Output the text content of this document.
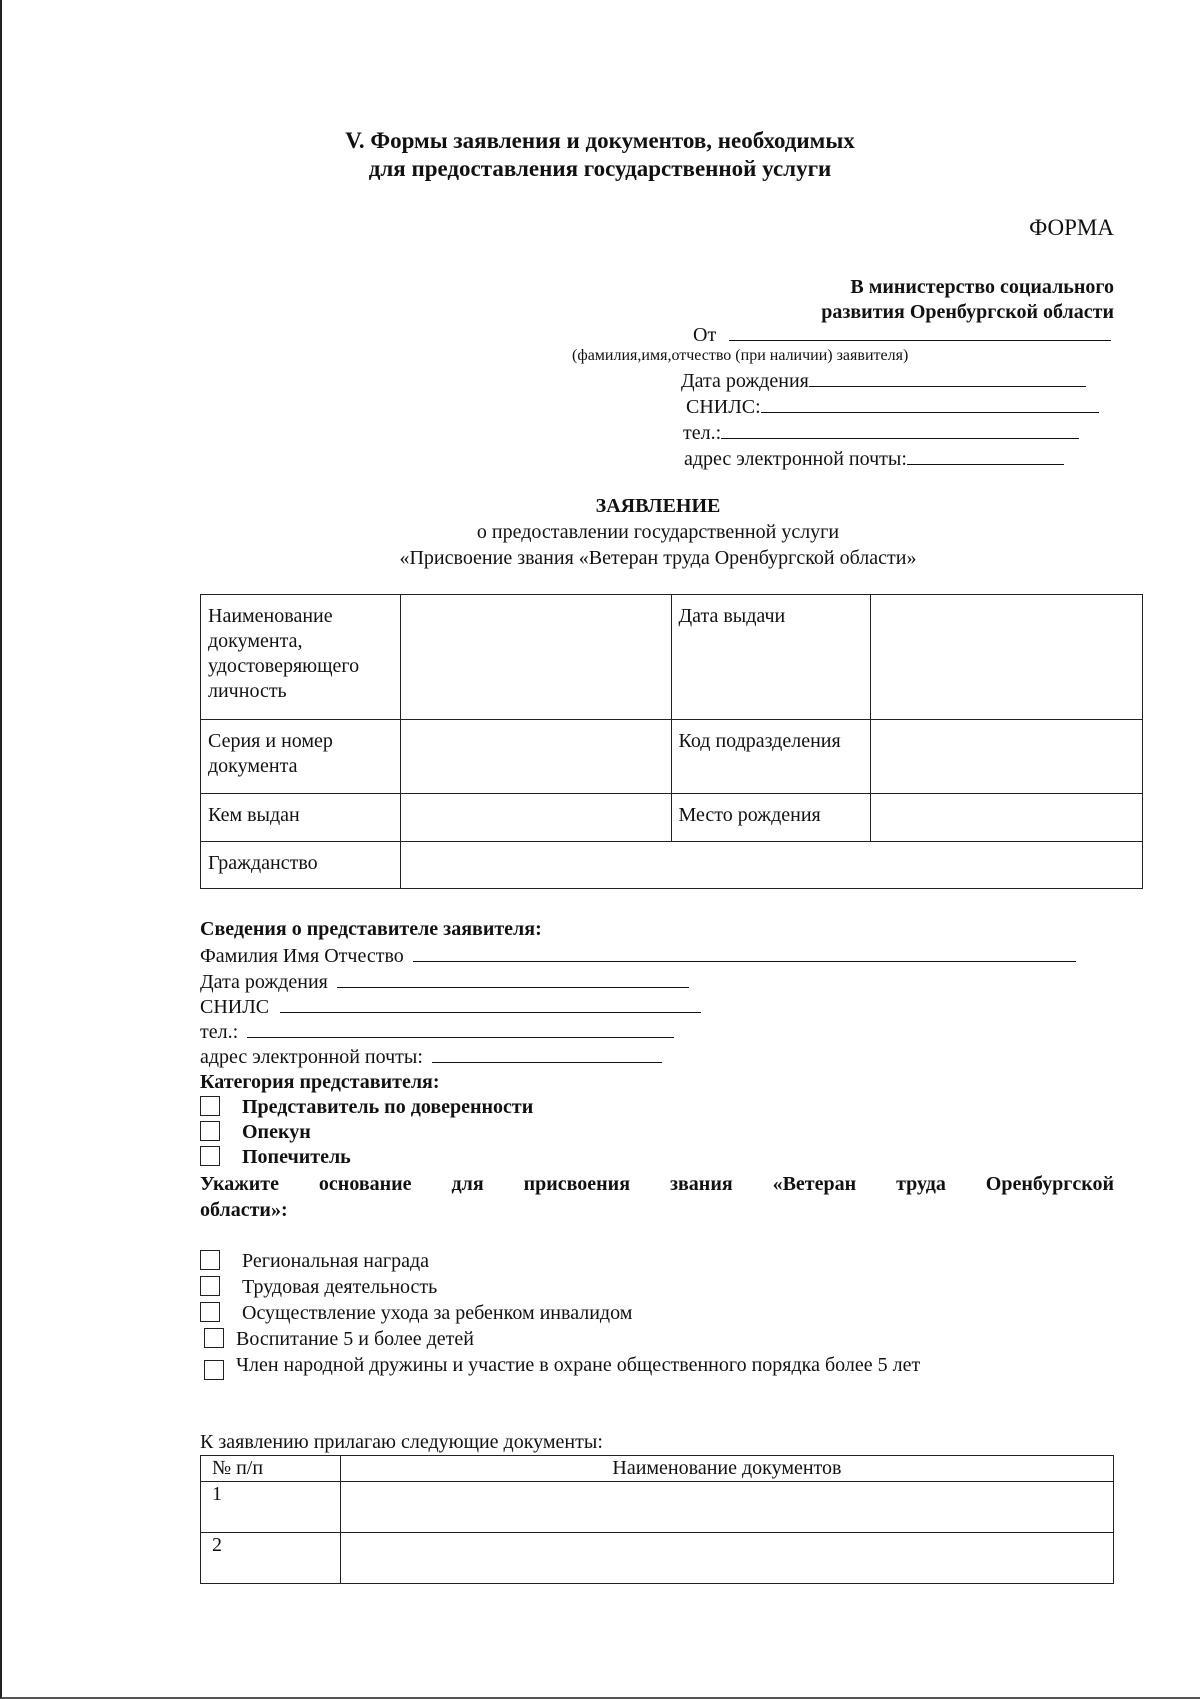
V. Формы заявления и документов, необходимых
для предоставления государственной услуги
ФОРМА
В министерство социального
развития Оренбургской области
От
(фамилия,имя,отчество (при наличии) заявителя)
Дата рождения
СНИЛС:
тел.:
адрес электронной почты:
ЗАЯВЛЕНИЕ
о предоставлении государственной услуги
«Присвоение звания «Ветеран труда Оренбургской области»
Наименование документа, удостоверяющего личность		Дата выдачи	
Серия и номер документа		Код подразделения	
Кем выдан		Место рождения	
Гражданство			
Сведения о представителе заявителя:
Фамилия Имя Отчество
Дата рождения
СНИЛС
тел.:
адрес электронной почты:
Категория представителя:
Представитель по доверенности
Опекун
Попечитель
Укажите основание для присвоения звания «Ветеран труда Оренбургской
области»:
Региональная награда
Трудовая деятельность
Осуществление ухода за ребенком инвалидом
Воспитание 5 и более детей
Член народной дружины и участие в охране общественного порядка более 5 лет
К заявлению прилагаю следующие документы:
№ п/п	Наименование документов
1	
2	
